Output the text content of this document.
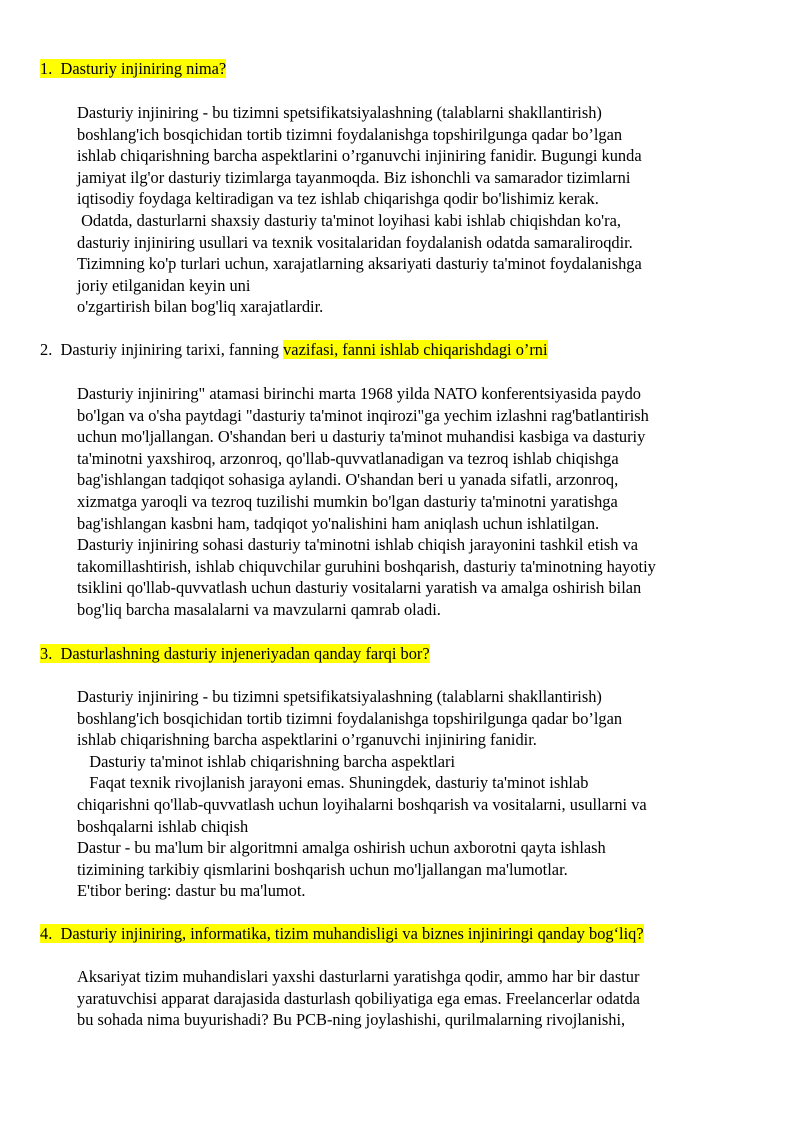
1. Dasturiy injiniring nima?
Dasturiy injiniring - bu tizimni spetsifikatsiyalashning (talablarni shakllantirish)
boshlang'ich bosqichidan tortib tizimni foydalanishga topshirilgunga qadar bo’lgan
ishlab chiqarishning barcha aspektlarini o’rganuvchi injiniring fanidir. Bugungi kunda
jamiyat ilg'or dasturiy tizimlarga tayanmoqda. Biz ishonchli va samarador tizimlarni
iqtisodiy foydaga keltiradigan va tez ishlab chiqarishga qodir bo'lishimiz kerak.
Odatda, dasturlarni shaxsiy dasturiy ta'minot loyihasi kabi ishlab chiqishdan ko'ra,
dasturiy injiniring usullari va texnik vositalaridan foydalanish odatda samaraliroqdir.
Tizimning ko'p turlari uchun, xarajatlarning aksariyati dasturiy ta'minot foydalanishga
joriy etilganidan keyin uni
o'zgartirish bilan bog'liq xarajatlardir.
2. Dasturiy injiniring tarixi, fanning vazifasi, fanni ishlab chiqarishdagi o’rni
Dasturiy injiniring" atamasi birinchi marta 1968 yilda NATO konferentsiyasida paydo
bo'lgan va o'sha paytdagi "dasturiy ta'minot inqirozi"ga yechim izlashni rag'batlantirish
uchun mo'ljallangan. O'shandan beri u dasturiy ta'minot muhandisi kasbiga va dasturiy
ta'minotni yaxshiroq, arzonroq, qo'llab-quvvatlanadigan va tezroq ishlab chiqishga
bag'ishlangan tadqiqot sohasiga aylandi. O'shandan beri u yanada sifatli, arzonroq,
xizmatga yaroqli va tezroq tuzilishi mumkin bo'lgan dasturiy ta'minotni yaratishga
bag'ishlangan kasbni ham, tadqiqot yo'nalishini ham aniqlash uchun ishlatilgan.
Dasturiy injiniring sohasi dasturiy ta'minotni ishlab chiqish jarayonini tashkil etish va
takomillashtirish, ishlab chiquvchilar guruhini boshqarish, dasturiy ta'minotning hayotiy
tsiklini qo'llab-quvvatlash uchun dasturiy vositalarni yaratish va amalga oshirish bilan
bog'liq barcha masalalarni va mavzularni qamrab oladi.
3. Dasturlashning dasturiy injeneriyadan qanday farqi bor?
Dasturiy injiniring - bu tizimni spetsifikatsiyalashning (talablarni shakllantirish)
boshlang'ich bosqichidan tortib tizimni foydalanishga topshirilgunga qadar bo’lgan
ishlab chiqarishning barcha aspektlarini o’rganuvchi injiniring fanidir.
Dasturiy ta'minot ishlab chiqarishning barcha aspektlari
Faqat texnik rivojlanish jarayoni emas. Shuningdek, dasturiy ta'minot ishlab
chiqarishni qo'llab-quvvatlash uchun loyihalarni boshqarish va vositalarni, usullarni va
boshqalarni ishlab chiqish
Dastur - bu ma'lum bir algoritmni amalga oshirish uchun axborotni qayta ishlash
tizimining tarkibiy qismlarini boshqarish uchun mo'ljallangan ma'lumotlar.
E'tibor bering: dastur bu ma'lumot.
4. Dasturiy injiniring, informatika, tizim muhandisligi va biznes injiniringi qanday bog‘liq?
Aksariyat tizim muhandislari yaxshi dasturlarni yaratishga qodir, ammo har bir dastur
yaratuvchisi apparat darajasida dasturlash qobiliyatiga ega emas. Freelancerlar odatda
bu sohada nima buyurishadi? Bu PCB-ning joylashishi, qurilmalarning rivojlanishi,
